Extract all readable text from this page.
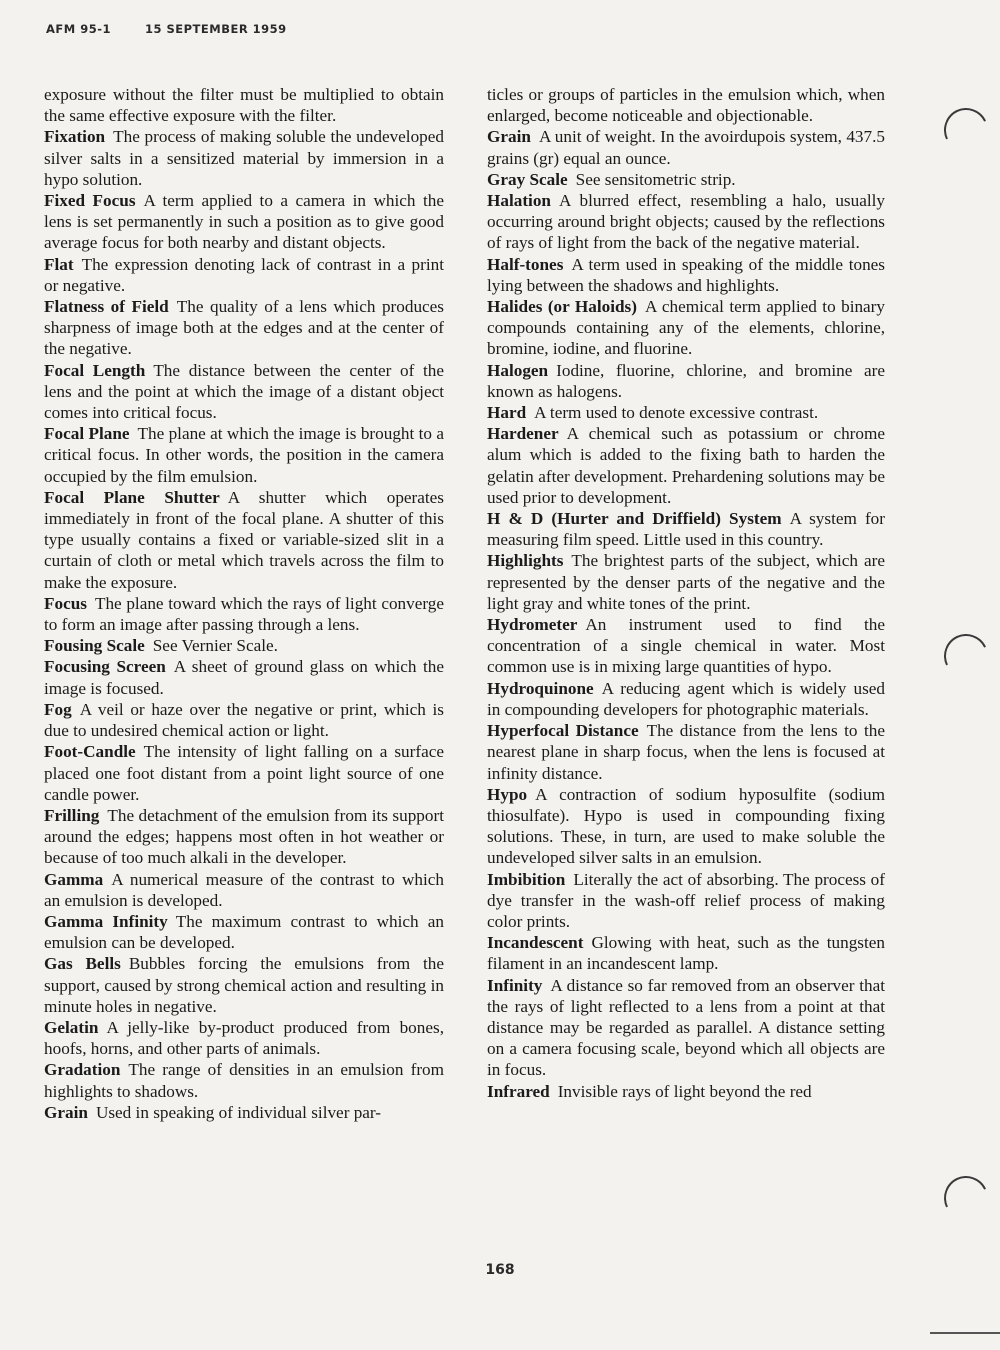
AFM 95-1	15 SEPTEMBER 1959

exposure without the filter must be multiplied to obtain the same effective exposure with the filter.

Fixation The process of making soluble the undeveloped silver salts in a sensitized material by immersion in a hypo solution.

Fixed Focus A term applied to a camera in which the lens is set permanently in such a position as to give good average focus for both nearby and distant objects.

Flat The expression denoting lack of contrast in a print or negative.

Flatness of Field The quality of a lens which produces sharpness of image both at the edges and at the center of the negative.

Focal Length The distance between the center of the lens and the point at which the image of a distant object comes into critical focus.

Focal Plane The plane at which the image is brought to a critical focus. In other words, the position in the camera occupied by the film emulsion.

Focal Plane Shutter A shutter which operates immediately in front of the focal plane. A shutter of this type usually contains a fixed or variable-sized slit in a curtain of cloth or metal which travels across the film to make the exposure.

Focus The plane toward which the rays of light converge to form an image after passing through a lens.

Fousing Scale See Vernier Scale.

Focusing Screen A sheet of ground glass on which the image is focused.

Fog A veil or haze over the negative or print, which is due to undesired chemical action or light.

Foot-Candle The intensity of light falling on a surface placed one foot distant from a point light source of one candle power.

Frilling The detachment of the emulsion from its support around the edges; happens most often in hot weather or because of too much alkali in the developer.

Gamma A numerical measure of the contrast to which an emulsion is developed.

Gamma Infinity The maximum contrast to which an emulsion can be developed.

Gas Bells Bubbles forcing the emulsions from the support, caused by strong chemical action and resulting in minute holes in negative.

Gelatin A jelly-like by-product produced from bones, hoofs, horns, and other parts of animals.

Gradation The range of densities in an emulsion from highlights to shadows.

Grain Used in speaking of individual silver par-

ticles or groups of particles in the emulsion which, when enlarged, become noticeable and objectionable.

Grain A unit of weight. In the avoirdupois system, 437.5 grains (gr) equal an ounce.

Gray Scale See sensitometric strip.

Halation A blurred effect, resembling a halo, usually occurring around bright objects; caused by the reflections of rays of light from the back of the negative material.

Half-tones A term used in speaking of the middle tones lying between the shadows and highlights.

Halides (or Haloids) A chemical term applied to binary compounds containing any of the elements, chlorine, bromine, iodine, and fluorine.

Halogen Iodine, fluorine, chlorine, and bromine are known as halogens.

Hard A term used to denote excessive contrast.

Hardener A chemical such as potassium or chrome alum which is added to the fixing bath to harden the gelatin after development. Prehardening solutions may be used prior to development.

H & D (Hurter and Driffield) System A system for measuring film speed. Little used in this country.

Highlights The brightest parts of the subject, which are represented by the denser parts of the negative and the light gray and white tones of the print.

Hydrometer An instrument used to find the concentration of a single chemical in water. Most common use is in mixing large quantities of hypo.

Hydroquinone A reducing agent which is widely used in compounding developers for photographic materials.

Hyperfocal Distance The distance from the lens to the nearest plane in sharp focus, when the lens is focused at infinity distance.

Hypo A contraction of sodium hyposulfite (sodium thiosulfate). Hypo is used in compounding fixing solutions. These, in turn, are used to make soluble the undeveloped silver salts in an emulsion.

Imbibition Literally the act of absorbing. The process of dye transfer in the wash-off relief process of making color prints.

Incandescent Glowing with heat, such as the tungsten filament in an incandescent lamp.

Infinity A distance so far removed from an observer that the rays of light reflected to a lens from a point at that distance may be regarded as parallel. A distance setting on a camera focusing scale, beyond which all objects are in focus.

Infrared Invisible rays of light beyond the red

168
